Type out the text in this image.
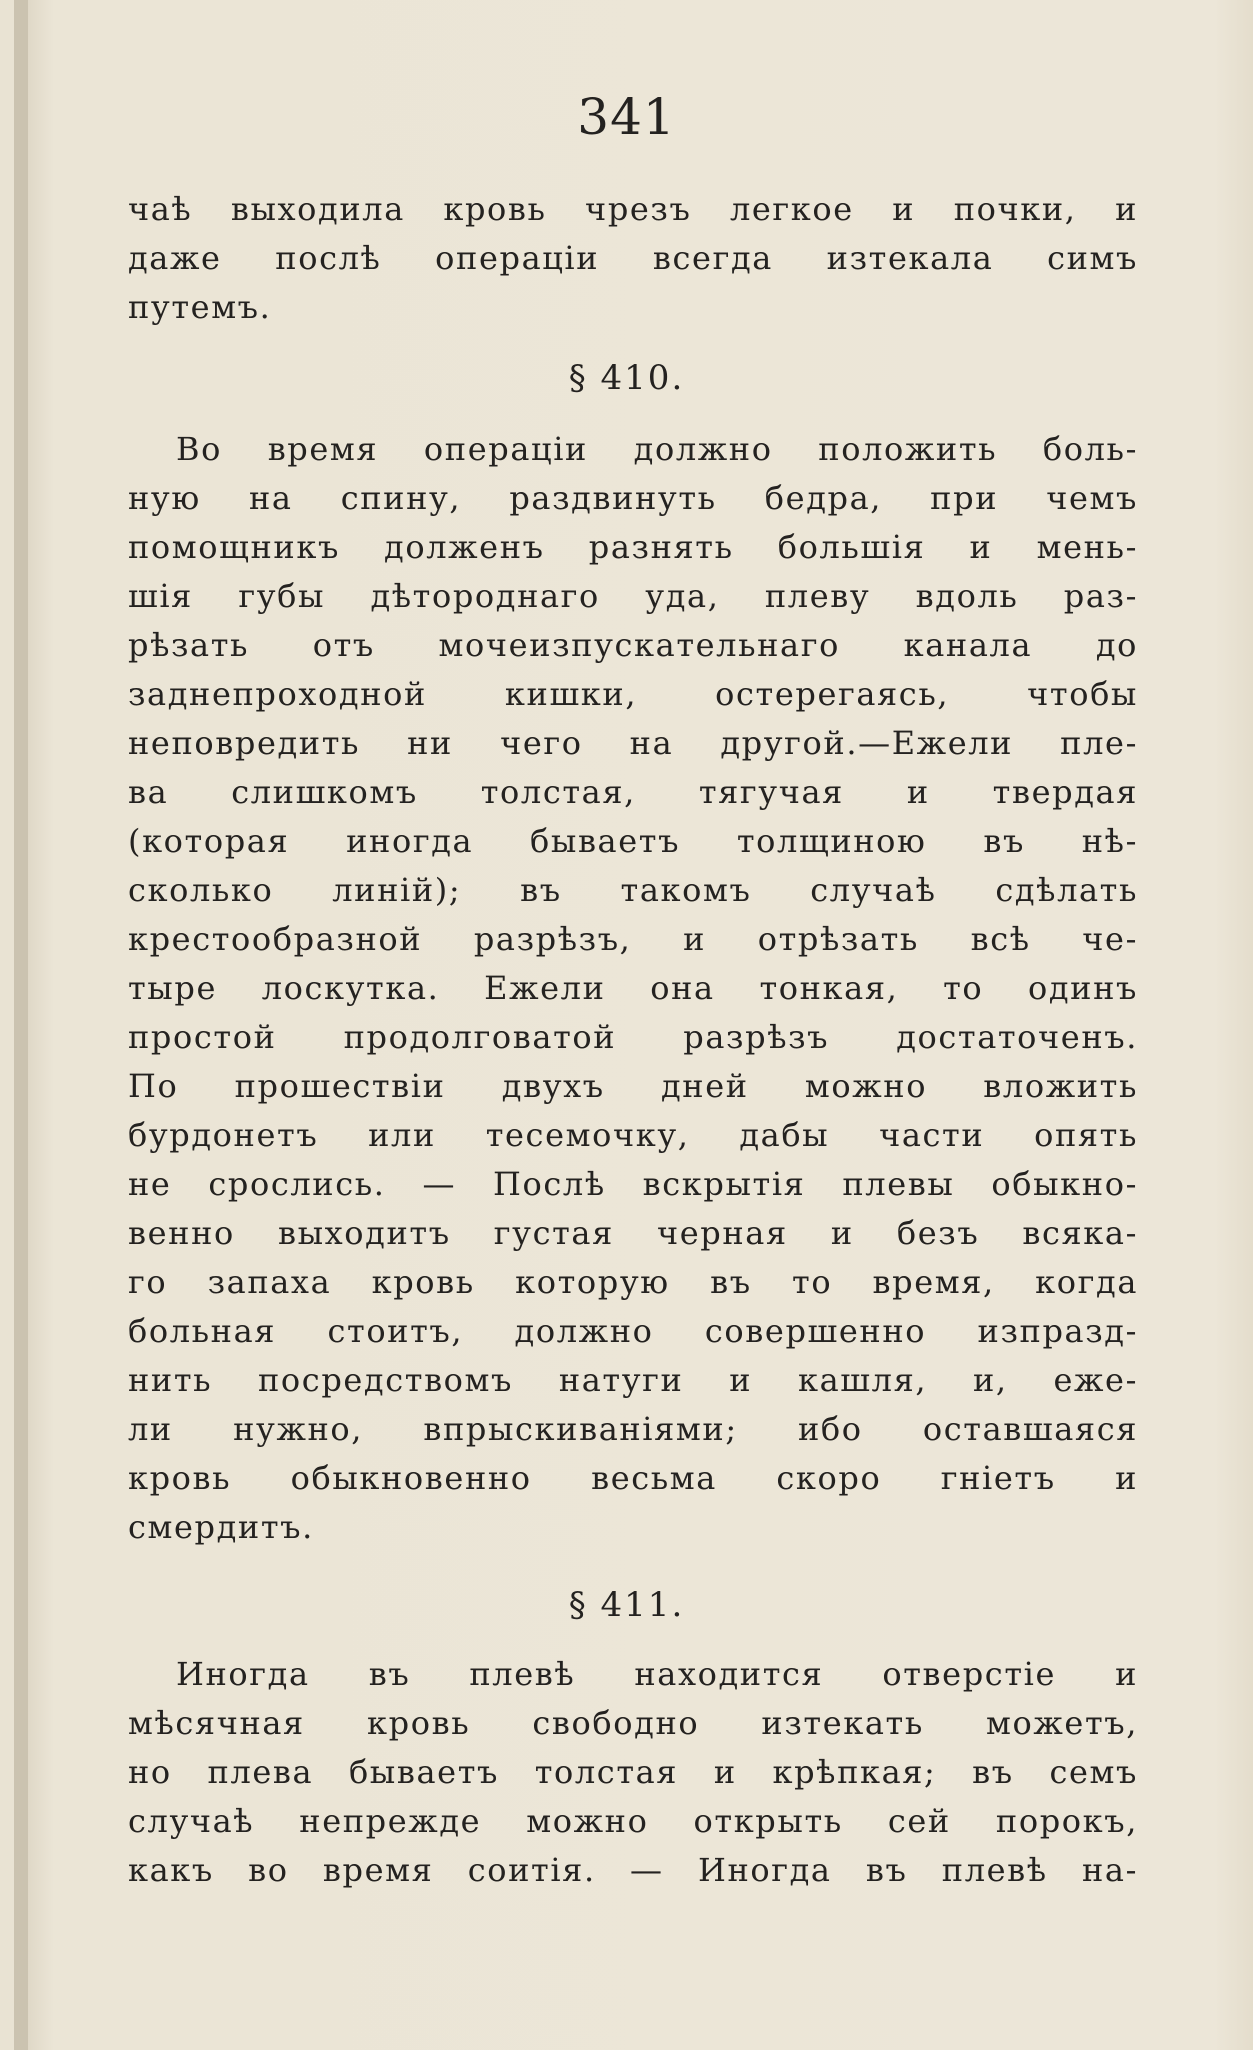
341
чаѣ выходила кровь чрезъ легкое и почки, и
даже послѣ операціи всегда изтекала симъ
путемъ.
§ 410.
Во время операціи должно положить боль-
ную на спину, раздвинуть бедра, при чемъ
помощникъ долженъ разнять большія и мень-
шія губы дѣтороднаго уда, плеву вдоль раз-
рѣзать отъ мочеизпускательнаго канала до
заднепроходной кишки, остерегаясь, чтобы
неповредить ни чего на другой.—Ежели пле-
ва слишкомъ толстая, тягучая и твердая
(которая иногда бываетъ толщиною въ нѣ-
сколько линій); въ такомъ случаѣ сдѣлать
крестообразной разрѣзъ, и отрѣзать всѣ че-
тыре лоскутка. Ежели она тонкая, то одинъ
простой продолговатой разрѣзъ достаточенъ.
По прошествіи двухъ дней можно вложить
бурдонетъ или тесемочку, дабы части опять
не срослись. — Послѣ вскрытія плевы обыкно-
венно выходитъ густая черная и безъ всяка-
го запаха кровь которую въ то время, когда
больная стоитъ, должно совершенно изпразд-
нить посредствомъ натуги и кашля, и, еже-
ли нужно, впрыскиваніями; ибо оставшаяся
кровь обыкновенно весьма скоро гніетъ и
смердитъ.
§ 411.
Иногда въ плевѣ находится отверстіе и
мѣсячная кровь свободно изтекать можетъ,
но плева бываетъ толстая и крѣпкая; въ семъ
случаѣ непрежде можно открыть сей порокъ,
какъ во время соитія. — Иногда въ плевѣ на-
